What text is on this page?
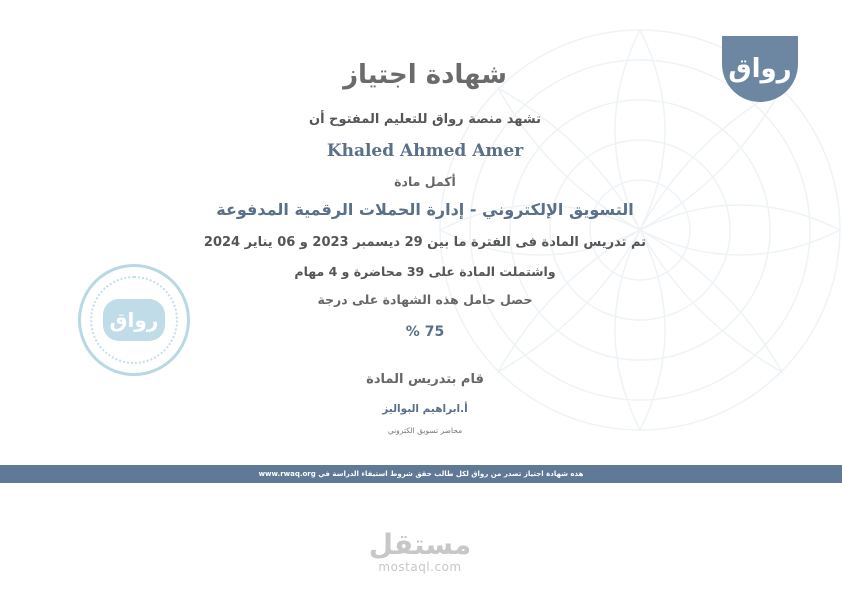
رواق
رواق
شهادة اجتياز
تشهد منصة رواق للتعليم المفتوح أن
Khaled Ahmed Amer
أكمل مادة
التسويق الإلكتروني - إدارة الحملات الرقمية المدفوعة
تم تدريس المادة فى الفترة ما بين 29 ديسمبر 2023 و 06 يناير 2024
واشتملت المادة على 39 محاضرة و 4 مهام
حصل حامل هذه الشهادة على درجة
75 %
قام بتدريس المادة
أ.ابراهيم البواليز
محاضر تسويق الكتروني
هذه شهادة اجتياز تصدر من رواق لكل طالب حقق شروط استيفاء الدراسة في www.rwaq.org
مستقل
mostaql.com
